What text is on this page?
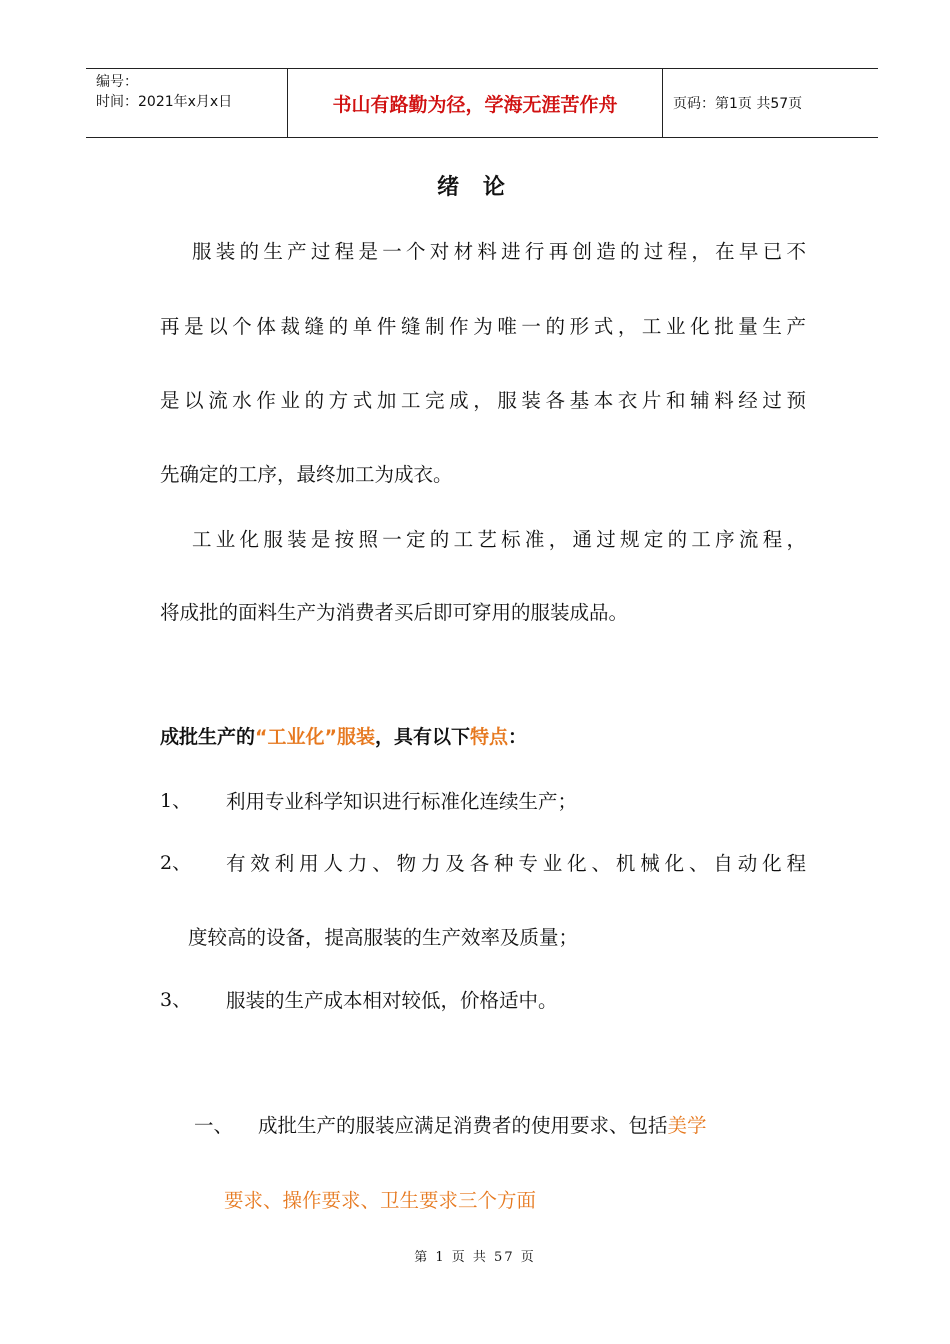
编号：
时间：2021年x月x日	书山有路勤为径，学海无涯苦作舟	页码：第1页 共57页
绪 论
服装的生产过程是一个对材料进行再创造的过程，在早已不
再是以个体裁缝的单件缝制作为唯一的形式，工业化批量生产
是以流水作业的方式加工完成，服装各基本衣片和辅料经过预
先确定的工序，最终加工为成衣。
工业化服装是按照一定的工艺标准，通过规定的工序流程，
将成批的面料生产为消费者买后即可穿用的服装成品。
成批生产的“工业化”服装，具有以下特点：
1、 利用专业科学知识进行标准化连续生产；
2、 有效利用人力、物力及各种专业化、机械化、自动化程
度较高的设备，提高服装的生产效率及质量；
3、 服装的生产成本相对较低，价格适中。
一、 成批生产的服装应满足消费者的使用要求、包括美学
要求、操作要求、卫生要求三个方面
第 1 页 共 57 页
